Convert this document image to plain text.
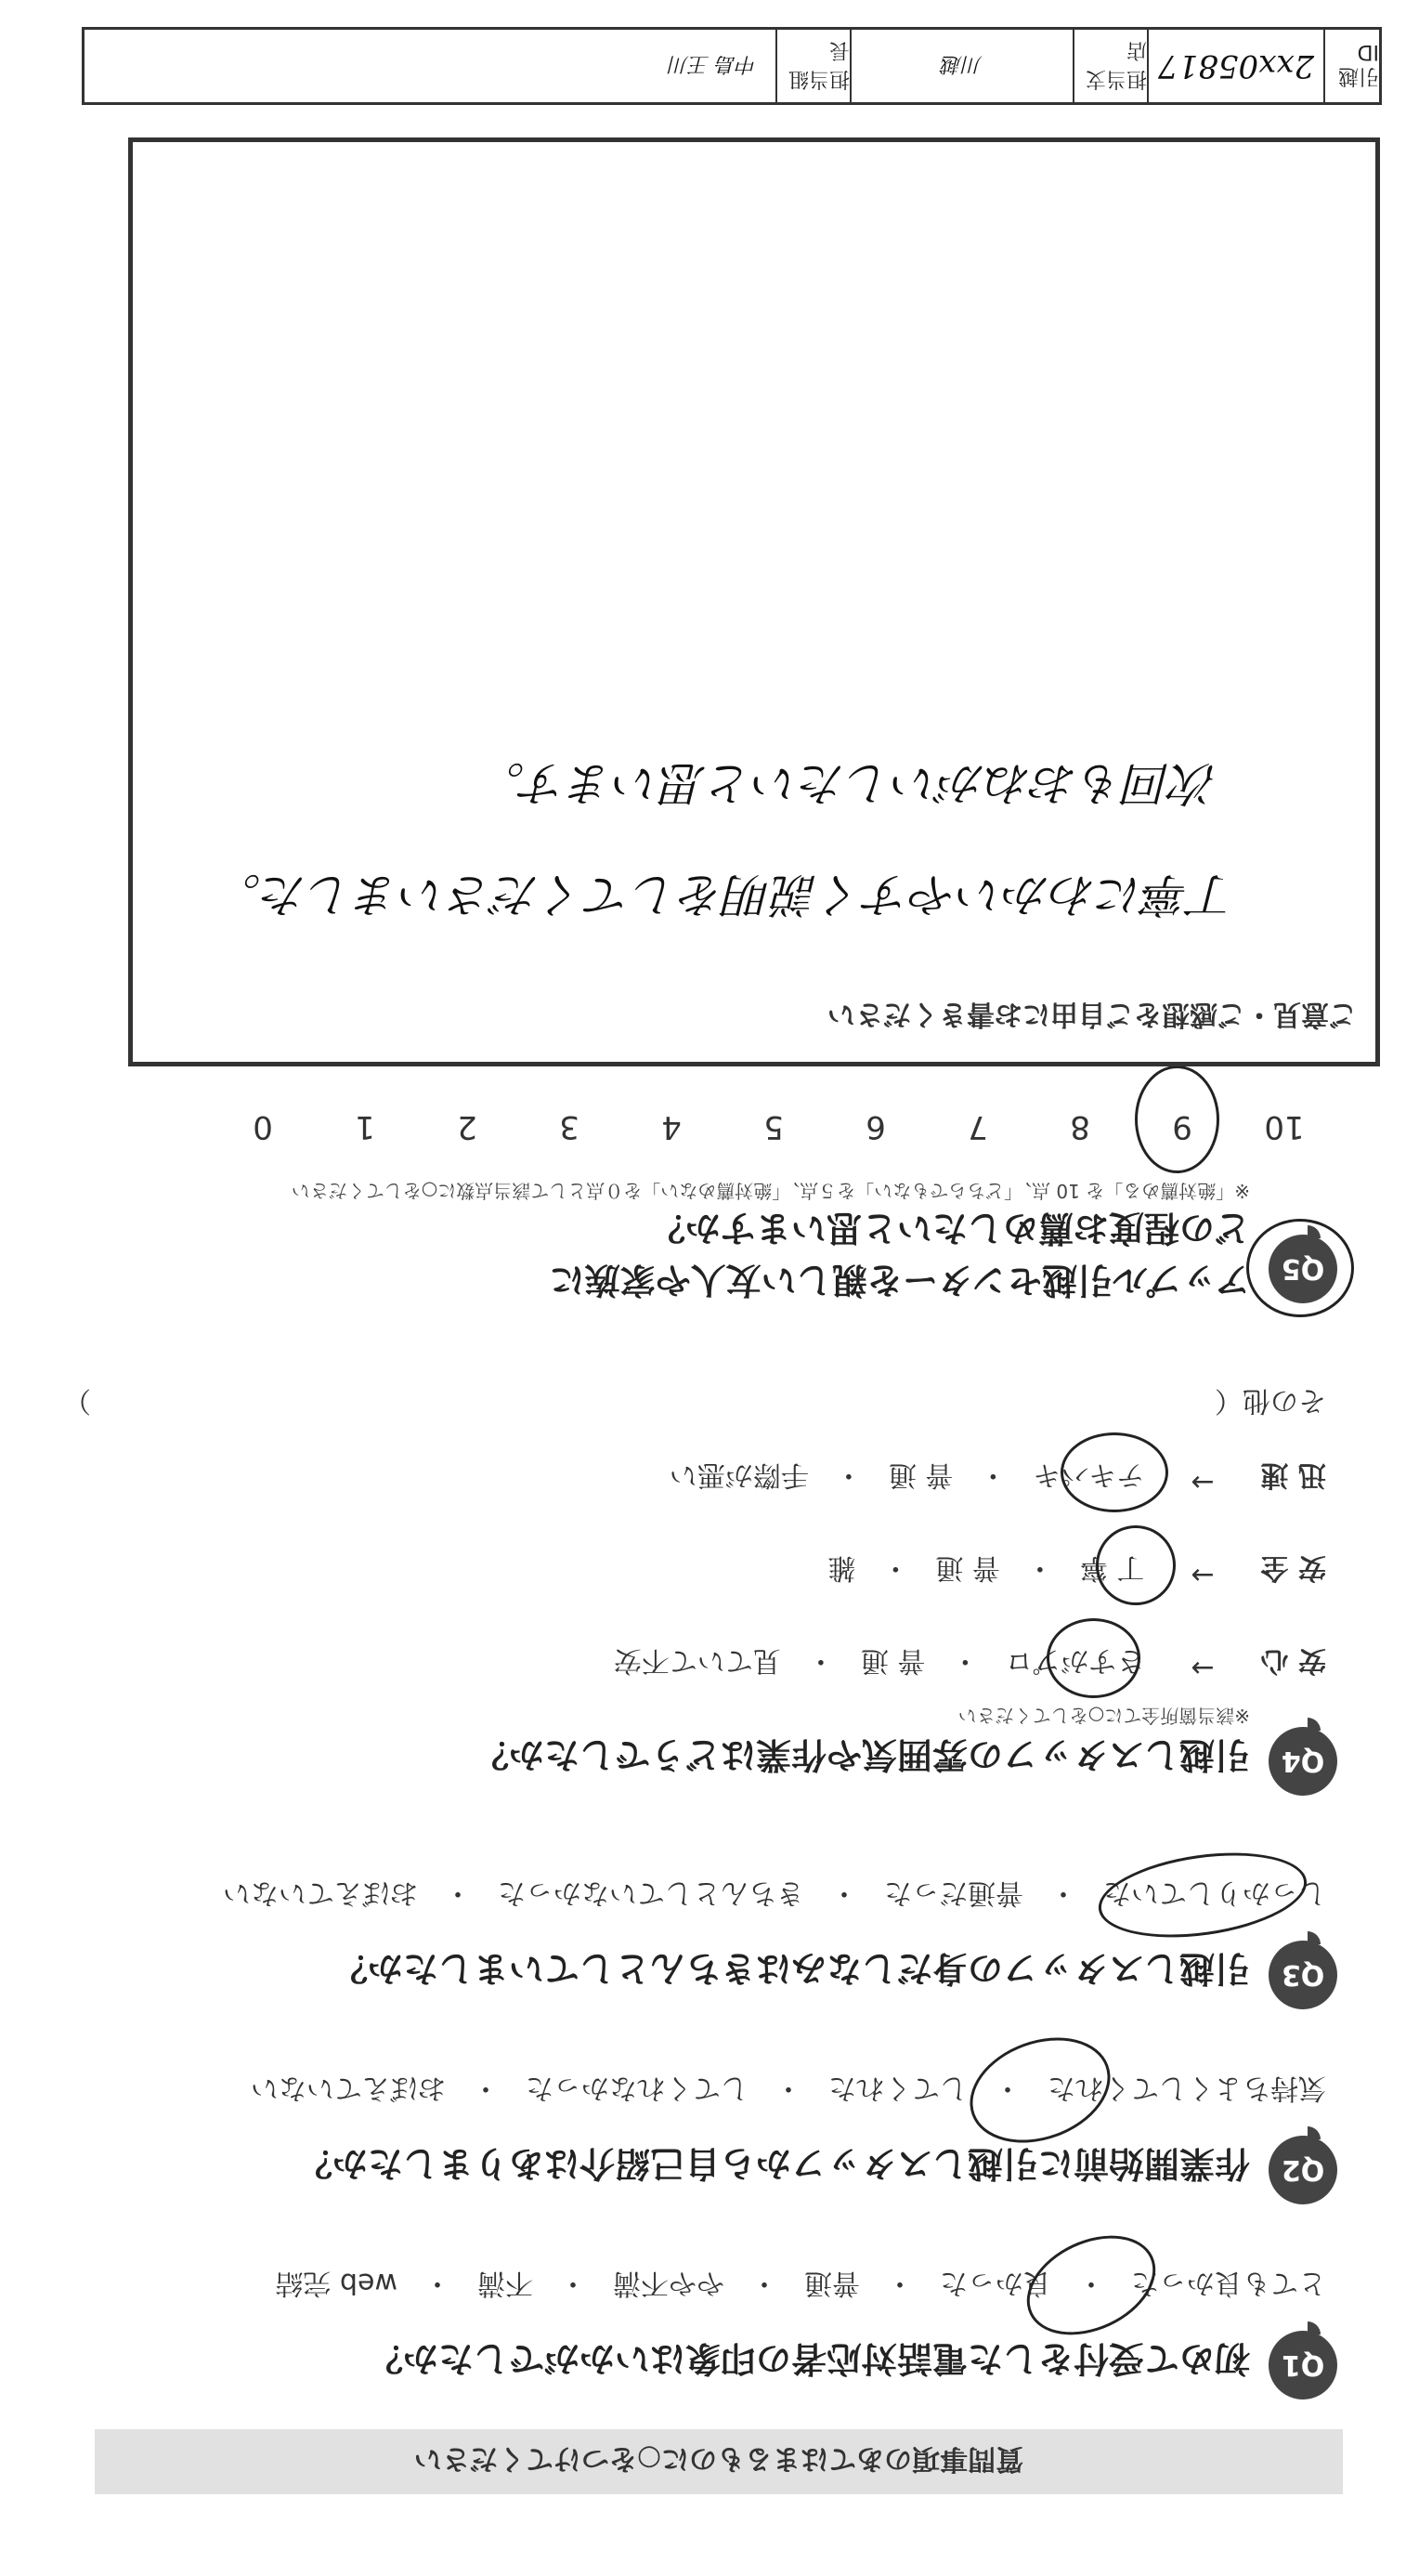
引越ID
2xx05817
担当支店
川越
担当組長
中島 王川
質問事項のあてはまるものに○をつけてください
Q1
初めて受付をした電話対応者の印象はいかがでしたか？
とても良かった
・
良かった
・
普通
・
やや不満
・
不満
・
web 完結
Q2
作業開始前に引越しスタッフから自己紹介はありましたか？
気持ちよくしてくれた
・
してくれた
・
してくれなかった
・
おぼえていない
Q3
引越しスタッフの身だしなみはきちんとしていましたか？
しっかりしていた
・
普通だった
・
きちんとしていなかった
・
おぼえていない
Q4
引越しスタッフの雰囲気や作業はどうでしたか？
※該当箇所全てに○をしてください
安 心
→
さすがプロ
・
普 通
・
見ていて不安
安 全
→
丁 寧
・
普 通
・
雑
迅 速
→
テキパキ
・
普 通
・
手際が悪い
その他（
）
Q5
アップル引越センターを親しい友人や家族に
どの程度お薦めしたいと思いますか？
※「絶対薦める」を 10 点、「どちらでもない」を５点、「絶対薦めない」を０点として該当点数に○をしてください
10
9
8
7
6
5
4
3
2
1
0
ご意見・ご感想をご自由にお書きください
丁寧にわかいやすく説明をしてくださいました。
次回もおねがいしたいと思います。
